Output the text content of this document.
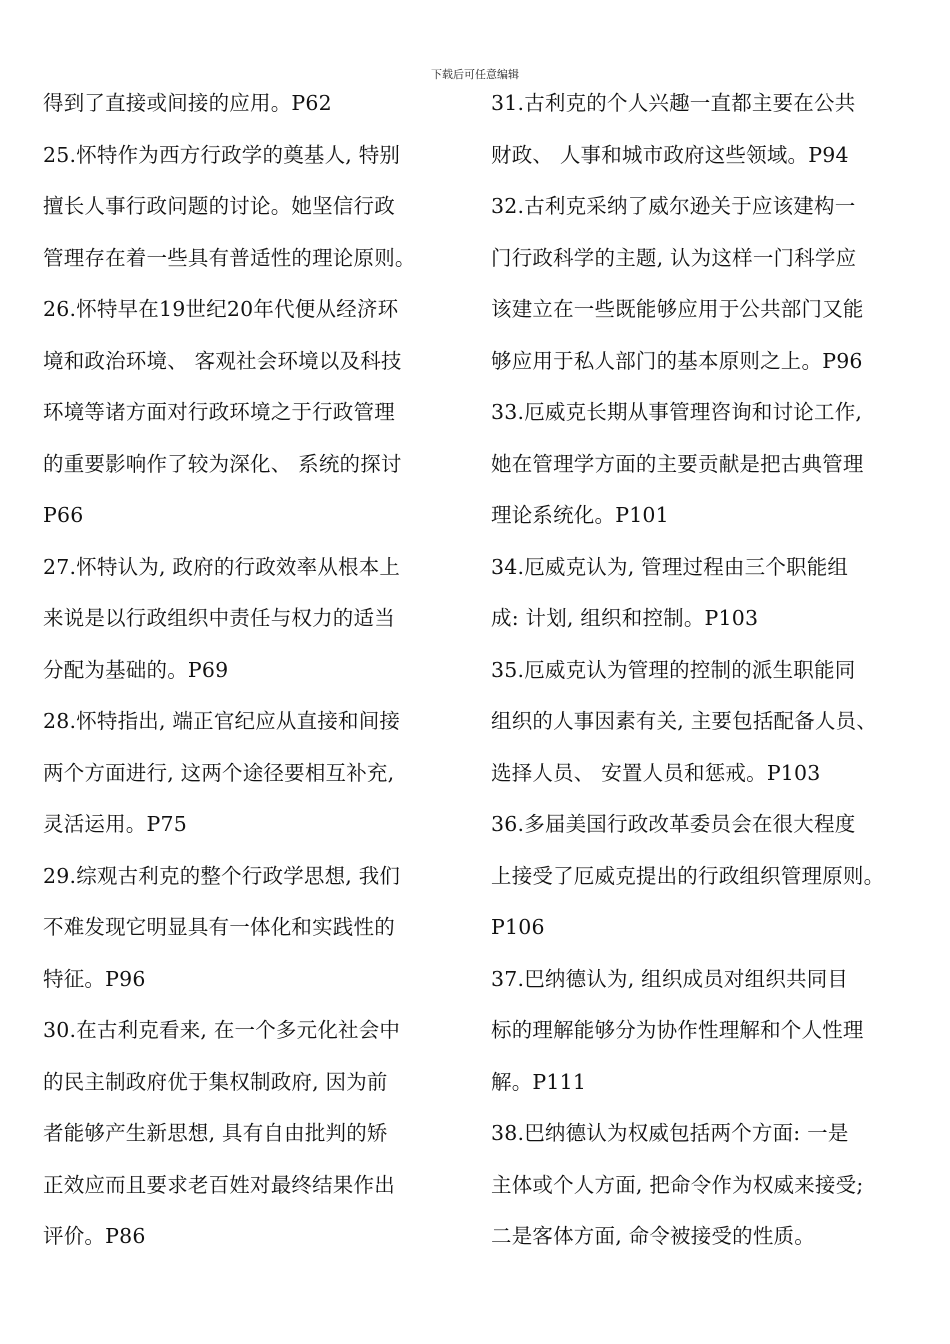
下载后可任意编辑
得到了直接或间接的应用。P62
25.怀特作为西方行政学的奠基人, 特别
擅长人事行政问题的讨论。她坚信行政
管理存在着一些具有普适性的理论原则。
26.怀特早在19世纪20年代便从经济环
境和政治环境、 客观社会环境以及科技
环境等诸方面对行政环境之于行政管理
的重要影响作了较为深化、 系统的探讨
P66
27.怀特认为, 政府的行政效率从根本上
来说是以行政组织中责任与权力的适当
分配为基础的。P69
28.怀特指出, 端正官纪应从直接和间接
两个方面进行, 这两个途径要相互补充,
灵活运用。P75
29.综观古利克的整个行政学思想, 我们
不难发现它明显具有一体化和实践性的
特征。P96
30.在古利克看来, 在一个多元化社会中
的民主制政府优于集权制政府, 因为前
者能够产生新思想, 具有自由批判的矫
正效应而且要求老百姓对最终结果作出
评价。P86
31.古利克的个人兴趣一直都主要在公共
财政、 人事和城市政府这些领域。P94
32.古利克采纳了威尔逊关于应该建构一
门行政科学的主题, 认为这样一门科学应
该建立在一些既能够应用于公共部门又能
够应用于私人部门的基本原则之上。P96
33.厄威克长期从事管理咨询和讨论工作,
她在管理学方面的主要贡献是把古典管理
理论系统化。P101
34.厄威克认为, 管理过程由三个职能组
成: 计划, 组织和控制。P103
35.厄威克认为管理的控制的派生职能同
组织的人事因素有关, 主要包括配备人员、
选择人员、 安置人员和惩戒。P103
36.多届美国行政改革委员会在很大程度
上接受了厄威克提出的行政组织管理原则。
P106
37.巴纳德认为, 组织成员对组织共同目
标的理解能够分为协作性理解和个人性理
解。P111
38.巴纳德认为权威包括两个方面: 一是
主体或个人方面, 把命令作为权威来接受;
二是客体方面, 命令被接受的性质。
